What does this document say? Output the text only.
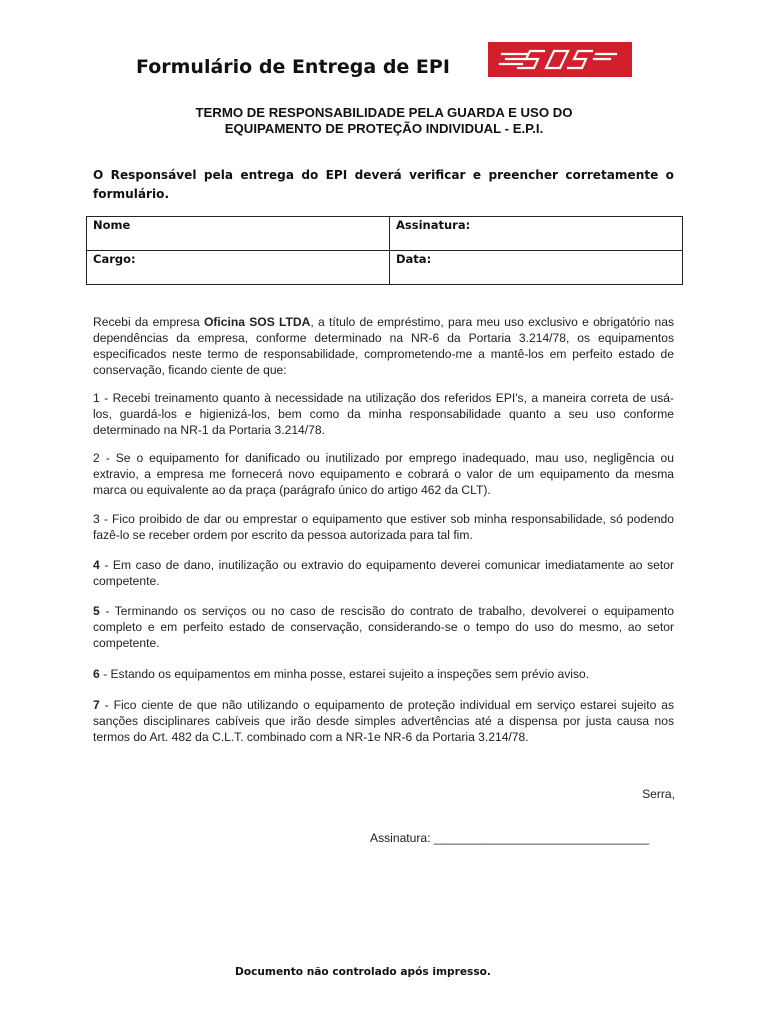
Formulário de Entrega de EPI
TERMO DE RESPONSABILIDADE PELA GUARDA E USO DO
EQUIPAMENTO DE PROTEÇÃO INDIVIDUAL - E.P.I.
O Responsável pela entrega do EPI deverá verificar e preencher corretamente o formulário.
Nome	Assinatura:
Cargo:	Data:
Recebi da empresa Oficina SOS LTDA, a título de empréstimo, para meu uso exclusivo e obrigatório nas dependências da empresa, conforme determinado na NR-6 da Portaria 3.214/78, os equipamentos especificados neste termo de responsabilidade, comprometendo-me a mantê-los em perfeito estado de conservação, ficando ciente de que:
1 - Recebi treinamento quanto à necessidade na utilização dos referidos EPI's, a maneira correta de usá-los, guardá-los e higienizá-los, bem como da minha responsabilidade quanto a seu uso conforme determinado na NR-1 da Portaria 3.214/78.
2 - Se o equipamento for danificado ou inutilizado por emprego inadequado, mau uso, negligência ou extravio, a empresa me fornecerá novo equipamento e cobrará o valor de um equipamento da mesma marca ou equivalente ao da praça (parágrafo único do artigo 462 da CLT).
3 - Fico proibido de dar ou emprestar o equipamento que estiver sob minha responsabilidade, só podendo fazê-lo se receber ordem por escrito da pessoa autorizada para tal fim.
4 - Em caso de dano, inutilização ou extravio do equipamento deverei comunicar imediatamente ao setor competente.
5 - Terminando os serviços ou no caso de rescisão do contrato de trabalho, devolverei o equipamento completo e em perfeito estado de conservação, considerando-se o tempo do uso do mesmo, ao setor competente.
6 - Estando os equipamentos em minha posse, estarei sujeito a inspeções sem prévio aviso.
7 - Fico ciente de que não utilizando o equipamento de proteção individual em serviço estarei sujeito as sanções disciplinares cabíveis que irão desde simples advertências até a dispensa por justa causa nos termos do Art. 482 da C.L.T. combinado com a NR-1e NR-6 da Portaria 3.214/78.
Serra,
Assinatura: ________________________________
Documento não controlado após impresso.
